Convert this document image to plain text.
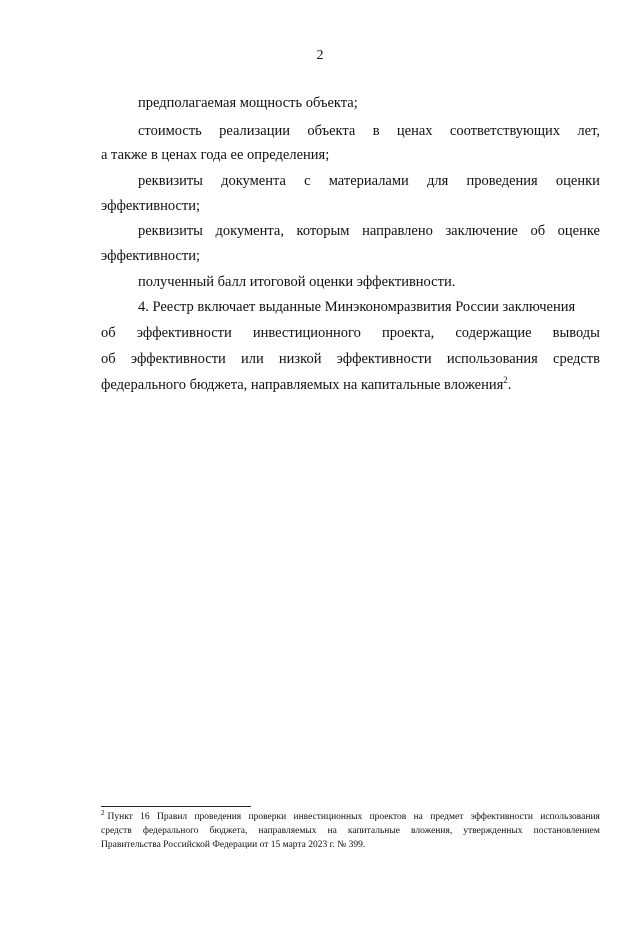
2
предполагаемая мощность объекта;
стоимость реализации объекта в ценах соответствующих лет,
а также в ценах года ее определения;
реквизиты документа с материалами для проведения оценки
эффективности;
реквизиты документа, которым направлено заключение об оценке
эффективности;
полученный балл итоговой оценки эффективности.
4. Реестр включает выданные Минэкономразвития России заключения
об эффективности инвестиционного проекта, содержащие выводы
об эффективности или низкой эффективности использования средств
федерального бюджета, направляемых на капитальные вложения$^2$.
$^2$ Пункт 16 Правил проведения проверки инвестиционных проектов на предмет эффективности использования
средств федерального бюджета, направляемых на капитальные вложения, утвержденных постановлением
Правительства Российской Федерации от 15 марта 2023 г. № 399.
